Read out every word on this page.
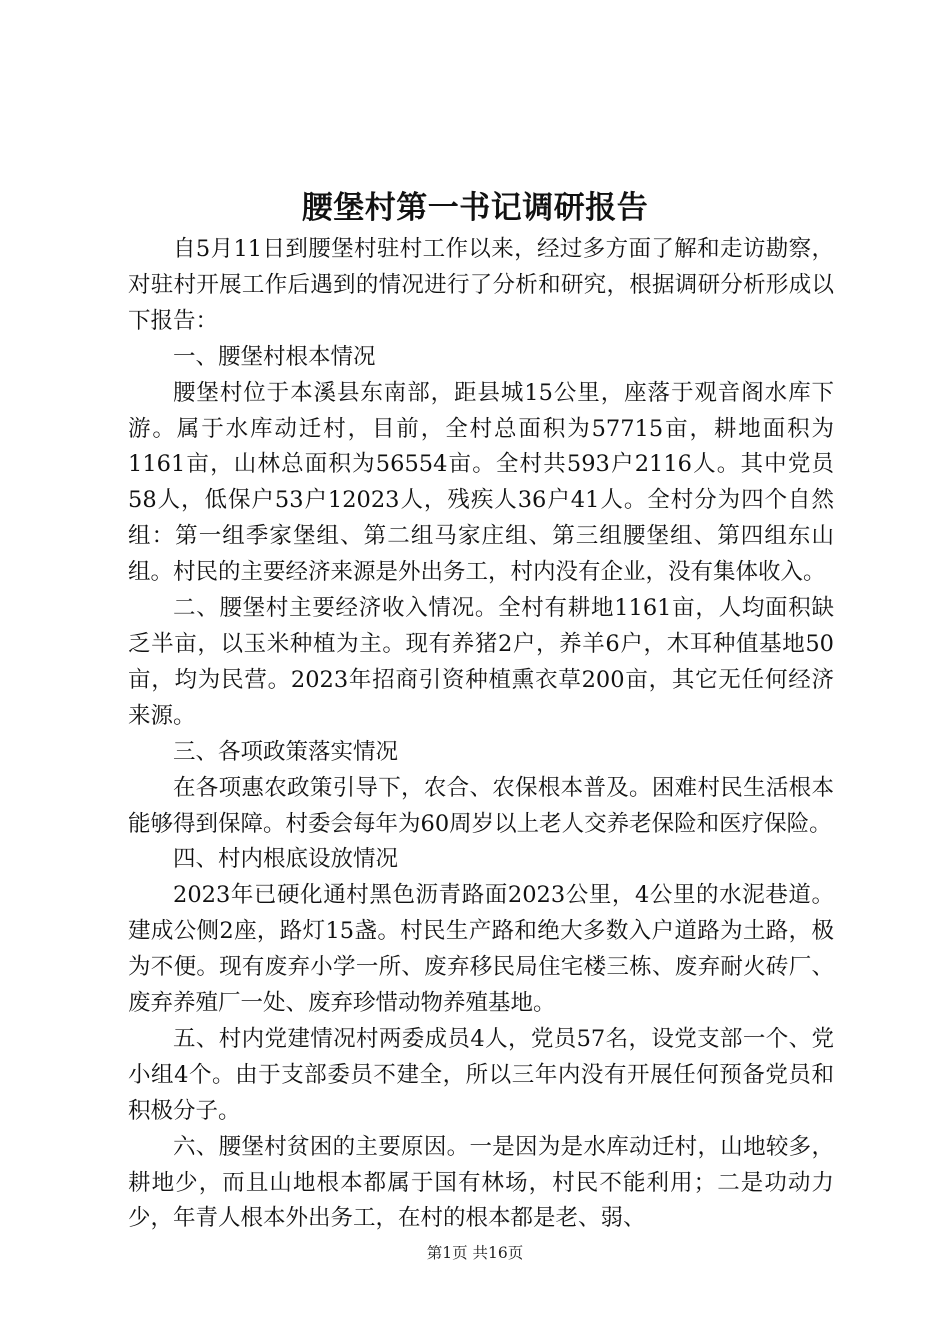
腰堡村第一书记调研报告

自5月11日到腰堡村驻村工作以来，经过多方面了解和走访勘察，对驻村开展工作后遇到的情况进行了分析和研究，根据调研分析形成以下报告：

一、腰堡村根本情况

腰堡村位于本溪县东南部，距县城15公里，座落于观音阁水库下游。属于水库动迁村，目前，全村总面积为57715亩，耕地面积为1161亩，山林总面积为56554亩。全村共593户2116人。其中党员58人，低保户53户12023人，残疾人36户41人。全村分为四个自然组：第一组季家堡组、第二组马家庄组、第三组腰堡组、第四组东山组。村民的主要经济来源是外出务工，村内没有企业，没有集体收入。

二、腰堡村主要经济收入情况。全村有耕地1161亩，人均面积缺乏半亩，以玉米种植为主。现有养猪2户，养羊6户，木耳种值基地50亩，均为民营。2023年招商引资种植熏衣草200亩，其它无任何经济来源。

三、各项政策落实情况

在各项惠农政策引导下，农合、农保根本普及。困难村民生活根本能够得到保障。村委会每年为60周岁以上老人交养老保险和医疗保险。

四、村内根底设放情况

2023年已硬化通村黑色沥青路面2023公里，4公里的水泥巷道。建成公侧2座，路灯15盏。村民生产路和绝大多数入户道路为土路，极为不便。现有废弃小学一所、废弃移民局住宅楼三栋、废弃耐火砖厂、废弃养殖厂一处、废弃珍惜动物养殖基地。

五、村内党建情况村两委成员4人，党员57名，设党支部一个、党小组4个。由于支部委员不建全，所以三年内没有开展任何预备党员和积极分子。

六、腰堡村贫困的主要原因。一是因为是水库动迁村，山地较多，耕地少，而且山地根本都属于国有林场，村民不能利用；二是功动力少，年青人根本外出务工，在村的根本都是老、弱、

第1页 共16页
